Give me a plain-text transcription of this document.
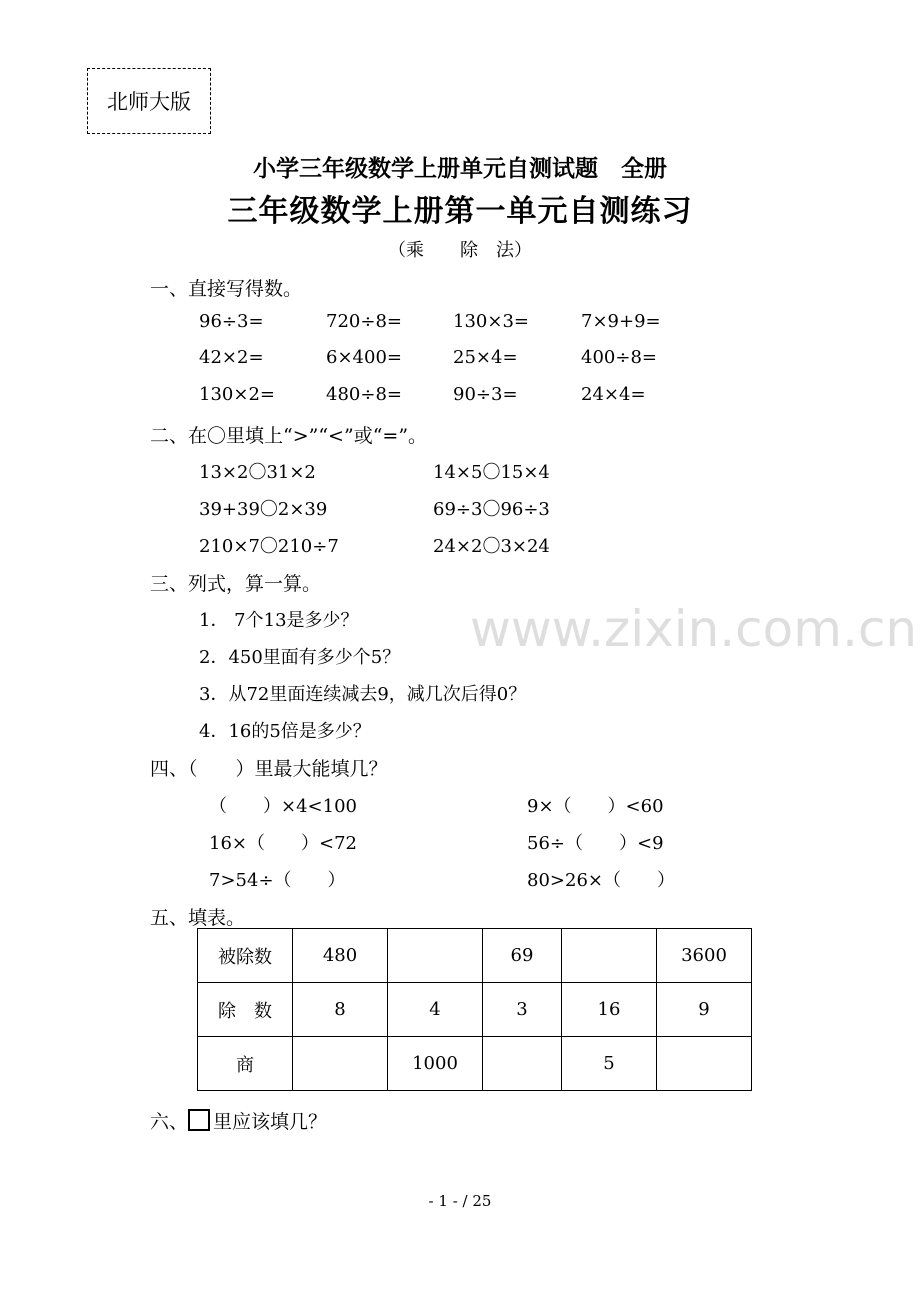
北师大版
小学三年级数学上册单元自测试题　全册
三年级数学上册第一单元自测练习
（乘　　除　法）
一、直接写得数。
96÷3=	720÷8=	130×3=	7×9+9=
42×2=	6×400=	25×4=	400÷8=
130×2=	480÷8=	90÷3=	24×4=
二、在〇里填上“>”“<”或“=”。
13×2〇31×2	14×5〇15×4
39+39〇2×39	69÷3〇96÷3
210×7〇210÷7	24×2〇3×24
三、列式，算一算。
1． 7个13是多少？
2．450里面有多少个5？
3．从72里面连续减去9，减几次后得0？
4．16的5倍是多少？
www.zixin.com.cn
四、（　　）里最大能填几？
（　　）×4<100	9×（　　）<60
16×（　　）<72	56÷（　　）<9
7>54÷（　　）	80>26×（　　）
五、填表。
被除数	480		69		3600
除　数	8	4	3	16	9
商		1000		5	
六、 里应该填几？
- 1 - / 25
